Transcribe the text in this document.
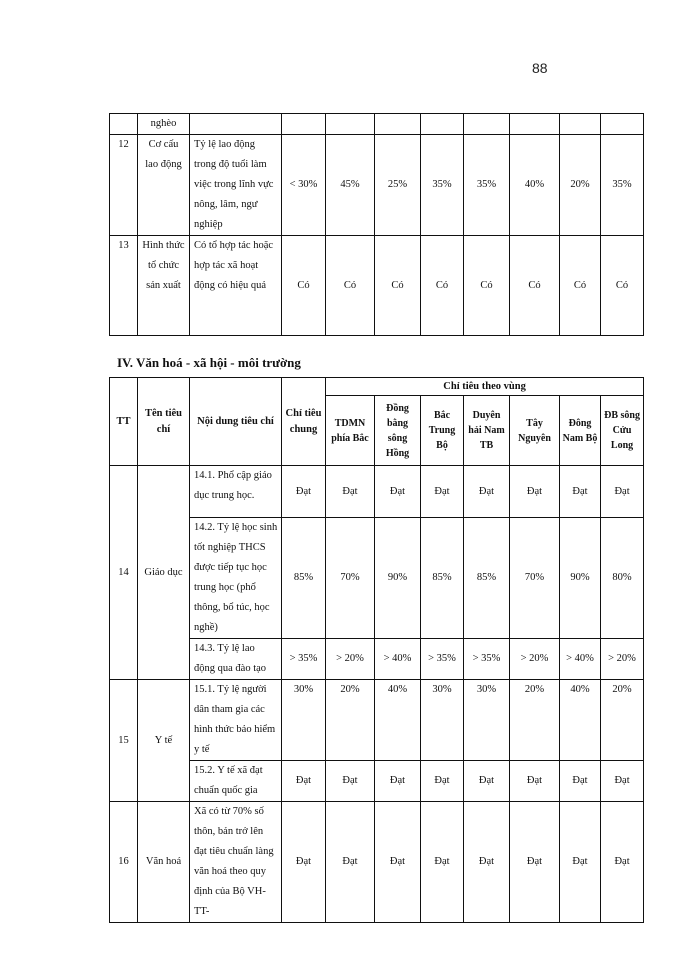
88
	nghèo									
12	Cơ cấu lao động	Tỷ lệ lao động trong độ tuổi làm việc trong lĩnh vực nông, lâm, ngư nghiệp	< 30%	45%	25%	35%	35%	40%	20%	35%
13	Hình thức tổ chức sản xuất	Có tổ hợp tác hoặc hợp tác xã hoạt động có hiệu quả	Có	Có	Có	Có	Có	Có	Có	Có
IV. Văn hoá - xã hội - môi trường
TT	Tên tiêu chí	Nội dung tiêu chí	Chỉ tiêu chung	Chỉ tiêu theo vùng						
				TDMN phía Bắc	Đồng bằng sông Hồng	Bắc Trung Bộ	Duyên hải Nam TB	Tây Nguyên	Đông Nam Bộ	ĐB sông Cửu Long
14	Giáo dục	14.1. Phổ cập giáo dục trung học.	Đạt	Đạt	Đạt	Đạt	Đạt	Đạt	Đạt	Đạt
		14.2. Tỷ lệ học sinh tốt nghiệp THCS được tiếp tục học trung học (phổ thông, bổ túc, học nghề)	85%	70%	90%	85%	85%	70%	90%	80%
		14.3. Tỷ lệ lao động qua đào tạo	> 35%	> 20%	> 40%	> 35%	> 35%	> 20%	> 40%	> 20%
15	Y tế	15.1. Tỷ lệ người dân tham gia các hình thức bảo hiểm y tế	30%	20%	40%	30%	30%	20%	40%	20%
		15.2. Y tế xã đạt chuẩn quốc gia	Đạt	Đạt	Đạt	Đạt	Đạt	Đạt	Đạt	Đạt
16	Văn hoá	Xã có từ 70% số thôn, bản trở lên đạt tiêu chuẩn làng văn hoá theo quy định của Bộ VH-TT-	Đạt	Đạt	Đạt	Đạt	Đạt	Đạt	Đạt	Đạt
